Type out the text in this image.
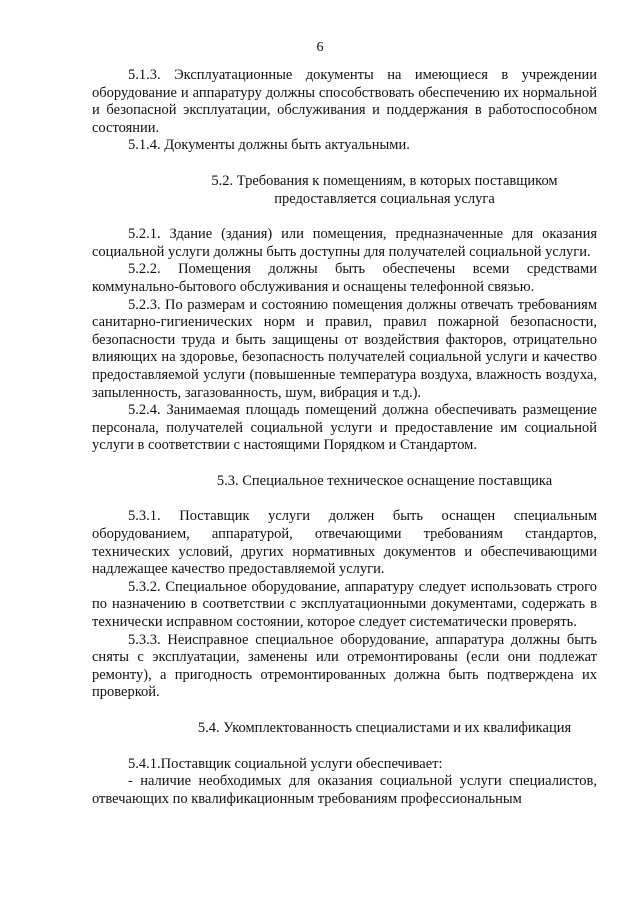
6

5.1.3. Эксплуатационные документы на имеющиеся в учреждении оборудование и аппаратуру должны способствовать обеспечению их нормальной и безопасной эксплуатации, обслуживания и поддержания в работоспособном состоянии.

5.1.4. Документы должны быть актуальными.

5.2. Требования к помещениям, в которых поставщиком

предоставляется социальная услуга

5.2.1. Здание (здания) или помещения, предназначенные для оказания социальной услуги должны быть доступны для получателей социальной услуги.

5.2.2. Помещения должны быть обеспечены всеми средствами коммунально-бытового обслуживания и оснащены телефонной связью.

5.2.3. По размерам и состоянию помещения должны отвечать требованиям санитарно-гигиенических норм и правил, правил пожарной безопасности, безопасности труда и быть защищены от воздействия факторов, отрицательно влияющих на здоровье, безопасность получателей социальной услуги и качество предоставляемой услуги (повышенные температура воздуха, влажность воздуха, запыленность, загазованность, шум, вибрация и т.д.).

5.2.4. Занимаемая площадь помещений должна обеспечивать размещение персонала, получателей социальной услуги и предоставление им социальной услуги в соответствии с настоящими Порядком и Стандартом.

5.3. Специальное техническое оснащение поставщика

5.3.1. Поставщик услуги должен быть оснащен специальным оборудованием, аппаратурой, отвечающими требованиям стандартов, технических условий, других нормативных документов и обеспечивающими надлежащее качество предоставляемой услуги.

5.3.2. Специальное оборудование, аппаратуру следует использовать строго по назначению в соответствии с эксплуатационными документами, содержать в технически исправном состоянии, которое следует систематически проверять.

5.3.3. Неисправное специальное оборудование, аппаратура должны быть сняты с эксплуатации, заменены или отремонтированы (если они подлежат ремонту), а пригодность отремонтированных должна быть подтверждена их проверкой.

5.4. Укомплектованность специалистами и их квалификация

5.4.1.Поставщик социальной услуги обеспечивает:

- наличие необходимых для оказания социальной услуги специалистов, отвечающих по квалификационным требованиям профессиональным
